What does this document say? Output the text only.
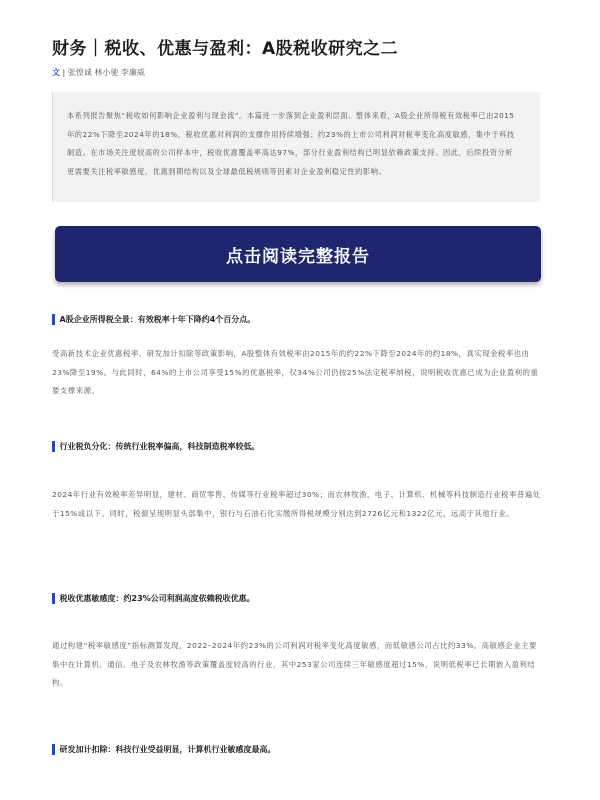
财务｜税收、优惠与盈利：A股税收研究之二
文 | 张惶诚 林小驰 李廉威

本系列报告聚焦“税收如何影响企业盈利与现金流”。本篇进一步落到企业盈利层面。整体来看，A股企业所得税有效税率已由2015年的22%下降至2024年的18%，税收优惠对利润的支撑作用持续增强；约23%的上市公司利润对税率变化高度敏感，集中于科技制造。在市场关注度较高的公司样本中，税收优惠覆盖率高达97%，部分行业盈利结构已明显依赖政策支持。因此，后续投资分析更需要关注税率敏感度、优惠到期结构以及全球最低税规则等因素对企业盈利稳定性的影响。

点击阅读完整报告
A股企业所得税全景：有效税率十年下降约4个百分点。

受高新技术企业优惠税率、研发加计扣除等政策影响，A股整体有效税率由2015年的约22%下降至2024年的约18%，真实现金税率也由23%降至19%。与此同时，64%的上市公司享受15%的优惠税率，仅34%公司仍按25%法定税率纳税，说明税收优惠已成为企业盈利的重要支撑来源。

行业税负分化：传统行业税率偏高，科技制造税率较低。

2024年行业有效税率差异明显，建材、商贸零售、传媒等行业税率超过30%；而农林牧渔、电子、计算机、机械等科技制造行业税率普遍处于15%或以下。同时，税源呈现明显头部集中，银行与石油石化实缴所得税规模分别达到2726亿元和1322亿元，远高于其他行业。

税收优惠敏感度：约23%公司利润高度依赖税收优惠。

通过构建“税率敏感度”指标测算发现，2022–2024年约23%的公司利润对税率变化高度敏感，而低敏感公司占比约33%。高敏感企业主要集中在计算机、通信、电子及农林牧渔等政策覆盖度较高的行业，其中253家公司连续三年敏感度超过15%，说明低税率已长期嵌入盈利结构。

研发加计扣除：科技行业受益明显，计算机行业敏感度最高。
